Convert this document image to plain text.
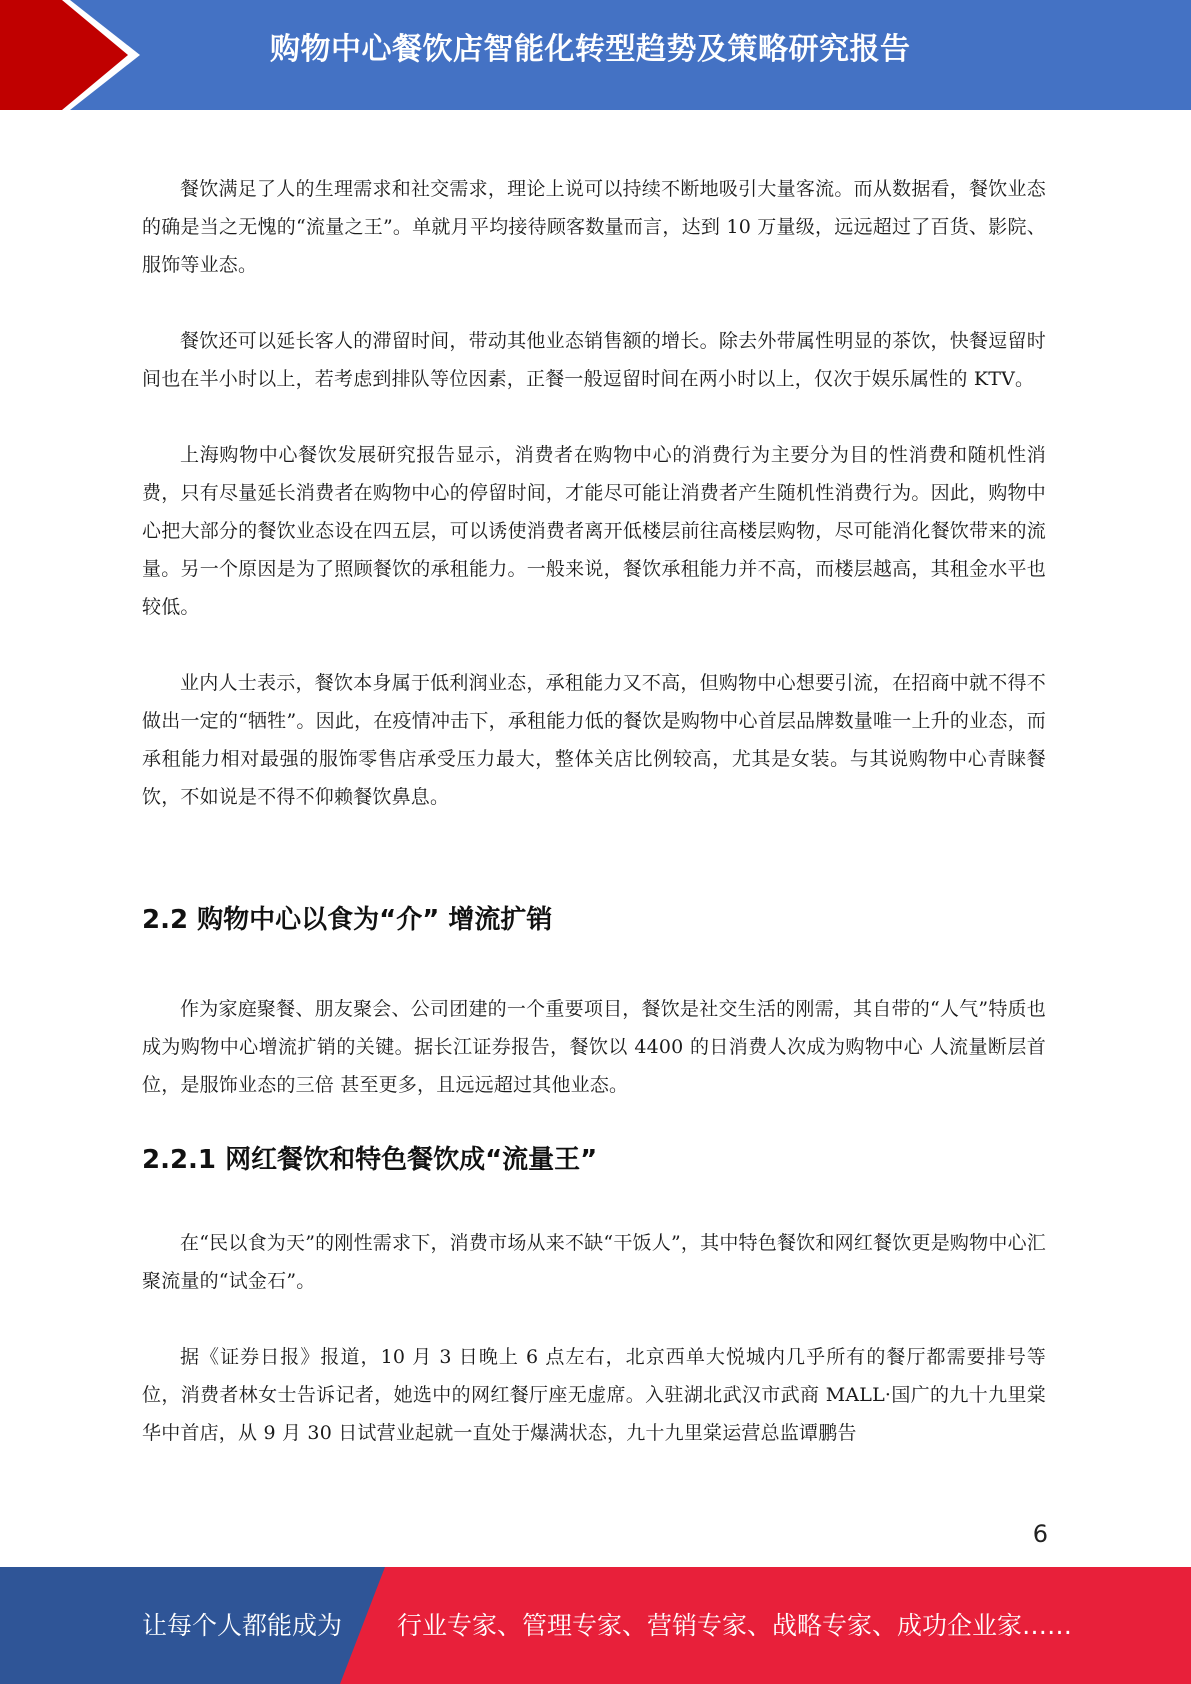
购物中心餐饮店智能化转型趋势及策略研究报告

餐饮满足了人的生理需求和社交需求，理论上说可以持续不断地吸引大量客流。而从数据看，餐饮业态的确是当之无愧的“流量之王”。单就月平均接待顾客数量而言，达到 10 万量级，远远超过了百货、影院、服饰等业态。

餐饮还可以延长客人的滞留时间，带动其他业态销售额的增长。除去外带属性明显的茶饮，快餐逗留时间也在半小时以上，若考虑到排队等位因素，正餐一般逗留时间在两小时以上，仅次于娱乐属性的 KTV。

上海购物中心餐饮发展研究报告显示，消费者在购物中心的消费行为主要分为目的性消费和随机性消费，只有尽量延长消费者在购物中心的停留时间，才能尽可能让消费者产生随机性消费行为。因此，购物中心把大部分的餐饮业态设在四五层，可以诱使消费者离开低楼层前往高楼层购物，尽可能消化餐饮带来的流量。另一个原因是为了照顾餐饮的承租能力。一般来说，餐饮承租能力并不高，而楼层越高，其租金水平也较低。

业内人士表示，餐饮本身属于低利润业态，承租能力又不高，但购物中心想要引流，在招商中就不得不做出一定的“牺牲”。因此，在疫情冲击下，承租能力低的餐饮是购物中心首层品牌数量唯一上升的业态，而承租能力相对最强的服饰零售店承受压力最大，整体关店比例较高，尤其是女装。与其说购物中心青睐餐饮，不如说是不得不仰赖餐饮鼻息。

2.2 购物中心以食为“介” 增流扩销

作为家庭聚餐、朋友聚会、公司团建的一个重要项目，餐饮是社交生活的刚需，其自带的“人气”特质也成为购物中心增流扩销的关键。据长江证券报告，餐饮以 4400 的日消费人次成为购物中心 人流量断层首位，是服饰业态的三倍 甚至更多，且远远超过其他业态。

2.2.1 网红餐饮和特色餐饮成“流量王”

在“民以食为天”的刚性需求下，消费市场从来不缺“干饭人”，其中特色餐饮和网红餐饮更是购物中心汇聚流量的“试金石”。

据《证券日报》报道，10 月 3 日晚上 6 点左右，北京西单大悦城内几乎所有的餐厅都需要排号等位，消费者林女士告诉记者，她选中的网红餐厅座无虚席。入驻湖北武汉市武商 MALL·国广的九十九里棠华中首店，从 9 月 30 日试营业起就一直处于爆满状态，九十九里棠运营总监谭鹏告

6
让每个人都能成为 行业专家、管理专家、营销专家、战略专家、成功企业家……
